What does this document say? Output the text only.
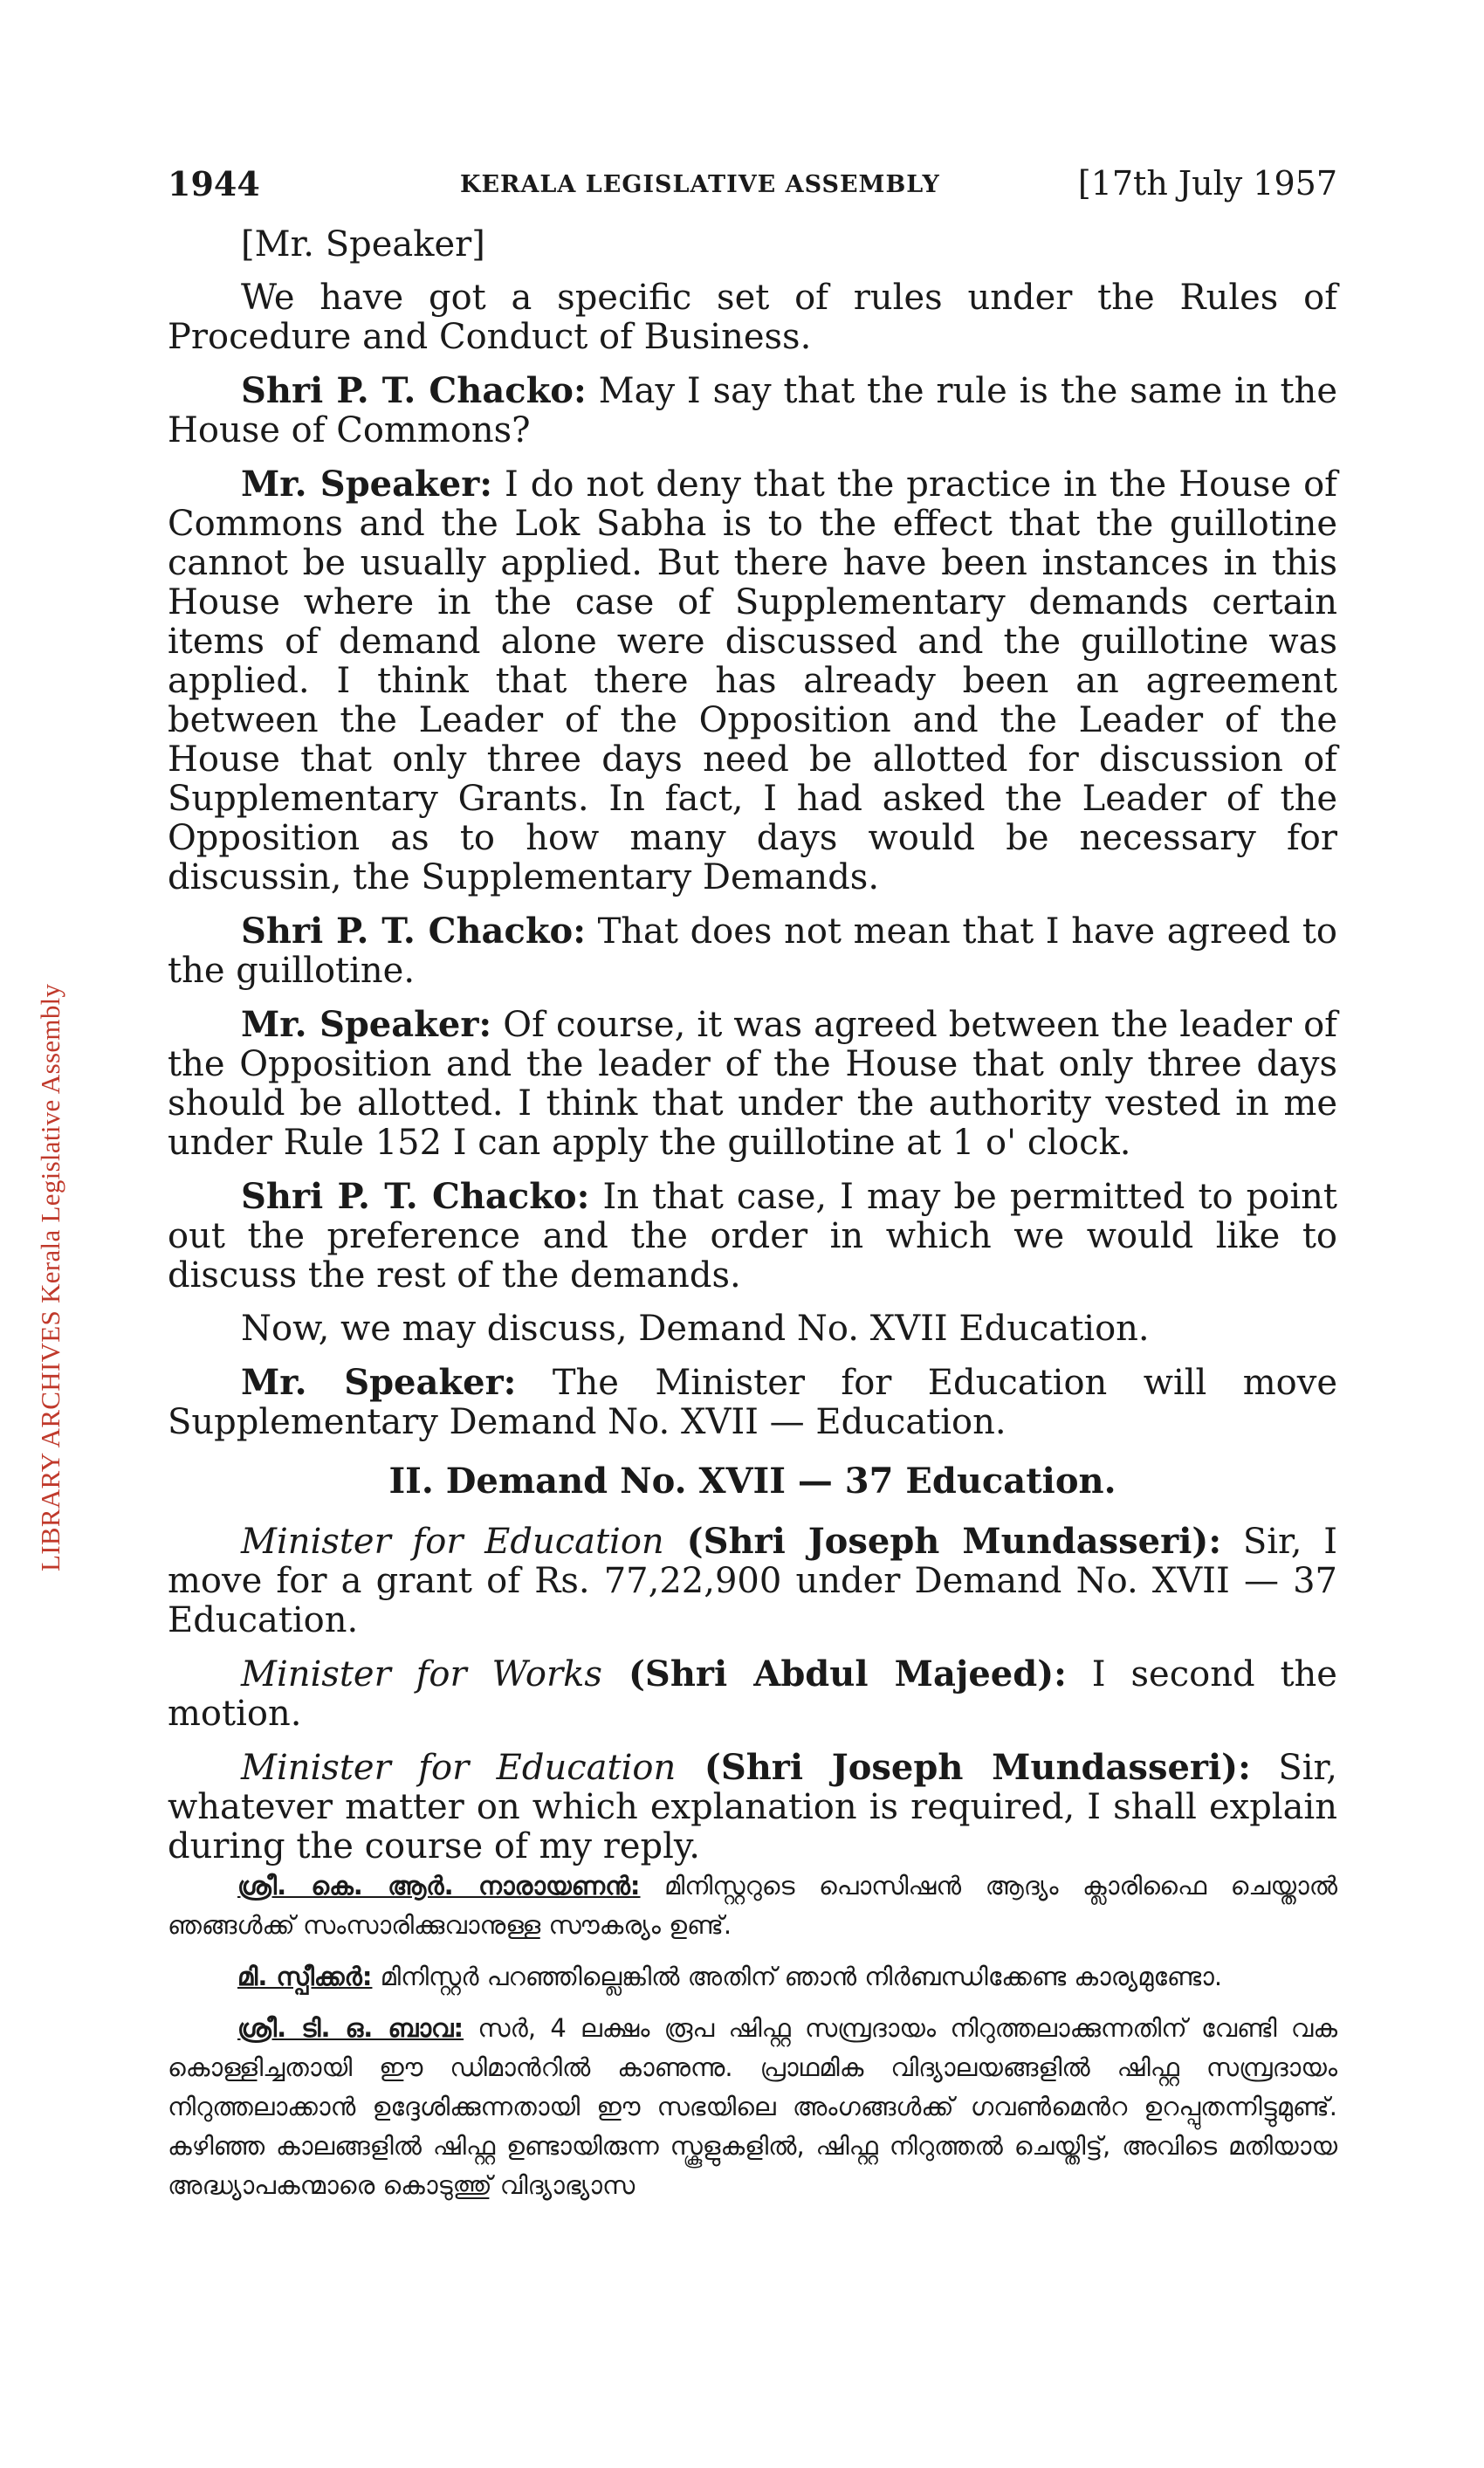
LIBRARY ARCHIVES Kerala Legislative Assembly
1944	KERALA LEGISLATIVE ASSEMBLY	[17th July 1957

[Mr. Speaker]

We have got a specific set of rules under the Rules of Procedure and Conduct of Business.

Shri P. T. Chacko: May I say that the rule is the same in the House of Commons?

Mr. Speaker: I do not deny that the practice in the House of Commons and the Lok Sabha is to the effect that the guillotine cannot be usually applied. But there have been instances in this House where in the case of Supplementary demands certain items of demand alone were discussed and the guillotine was applied. I think that there has already been an agreement between the Leader of the Opposition and the Leader of the House that only three days need be allotted for discussion of Supplementary Grants. In fact, I had asked the Leader of the Opposition as to how many days would be necessary for discussin, the Supplementary Demands.

Shri P. T. Chacko: That does not mean that I have agreed to the guillotine.

Mr. Speaker: Of course, it was agreed between the leader of the Opposition and the leader of the House that only three days should be allotted. I think that under the authority vested in me under Rule 152 I can apply the guillotine at 1 o' clock.

Shri P. T. Chacko: In that case, I may be permitted to point out the preference and the order in which we would like to discuss the rest of the demands.

Now, we may discuss, Demand No. XVII Education.

Mr. Speaker: The Minister for Education will move Supplementary Demand No. XVII — Education.

II. Demand No. XVII — 37 Education.

Minister for Education (Shri Joseph Mundasseri): Sir, I move for a grant of Rs. 77,22,900 under Demand No. XVII — 37 Education.

Minister for Works (Shri Abdul Majeed): I second the motion.

Minister for Education (Shri Joseph Mundasseri): Sir, whatever matter on which explanation is required, I shall explain during the course of my reply.

ശ്രീ. കെ. ആർ. നാരായണൻ: മിനിസ്റ്ററുടെ പൊസിഷൻ ആദ്യം ക്ലാരിഫൈ ചെയ്താൽ ഞങ്ങൾക്ക് സംസാരിക്കുവാനുള്ള സൗകര്യം ഉണ്ട്.

മി. സ്പീക്കർ: മിനിസ്റ്റർ പറഞ്ഞില്ലെങ്കിൽ അതിന് ഞാൻ നിർബന്ധിക്കേണ്ട കാര്യമുണ്ടോ.

ശ്രീ. ടി. ഒ. ബാവ: സർ, 4 ലക്ഷം രൂപ ഷിഫ്റ്റ സമ്പ്രദായം നിറുത്തലാക്കുന്നതിന് വേണ്ടി വക കൊള്ളിച്ചതായി ഈ ഡിമാൻറിൽ കാണുന്നു. പ്രാഥമിക വിദ്യാലയങ്ങളിൽ ഷിഫ്റ്റ സമ്പ്രദായം നിറുത്തലാക്കാൻ ഉദ്ദേശിക്കുന്നതായി ഈ സഭയിലെ അംഗങ്ങൾക്ക് ഗവൺമെൻറ ഉറപ്പുതന്നിട്ടുമുണ്ട്. കഴിഞ്ഞ കാലങ്ങളിൽ ഷിഫ്റ്റ ഉണ്ടായിരുന്ന സ്കൂളുകളിൽ, ഷിഫ്റ്റ നിറുത്തൽ ചെയ്തിട്ട്, അവിടെ മതിയായ അദ്ധ്യാപകന്മാരെ കൊടുത്തു് വിദ്യാഭ്യാസ
